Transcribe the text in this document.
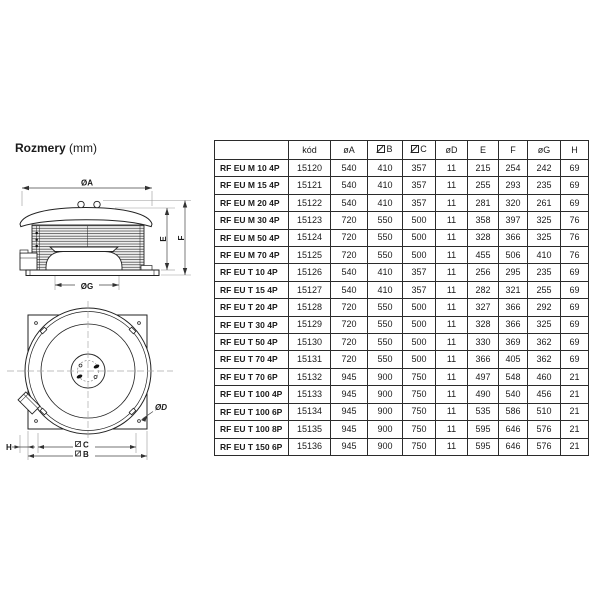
Rozmery (mm)
ØA
E F
ØG
ØD
H	C
B
	kód	øA	B	C	øD	E	F	øG	H
RF EU M 10 4P	15120	540	410	357	11	215	254	242	69
RF EU M 15 4P	15121	540	410	357	11	255	293	235	69
RF EU M 20 4P	15122	540	410	357	11	281	320	261	69
RF EU M 30 4P	15123	720	550	500	11	358	397	325	76
RF EU M 50 4P	15124	720	550	500	11	328	366	325	76
RF EU M 70 4P	15125	720	550	500	11	455	506	410	76
RF EU T 10 4P	15126	540	410	357	11	256	295	235	69
RF EU T 15 4P	15127	540	410	357	11	282	321	255	69
RF EU T 20 4P	15128	720	550	500	11	327	366	292	69
RF EU T 30 4P	15129	720	550	500	11	328	366	325	69
RF EU T 50 4P	15130	720	550	500	11	330	369	362	69
RF EU T 70 4P	15131	720	550	500	11	366	405	362	69
RF EU T 70 6P	15132	945	900	750	11	497	548	460	21
RF EU T 100 4P	15133	945	900	750	11	490	540	456	21
RF EU T 100 6P	15134	945	900	750	11	535	586	510	21
RF EU T 100 8P	15135	945	900	750	11	595	646	576	21
RF EU T 150 6P	15136	945	900	750	11	595	646	576	21
